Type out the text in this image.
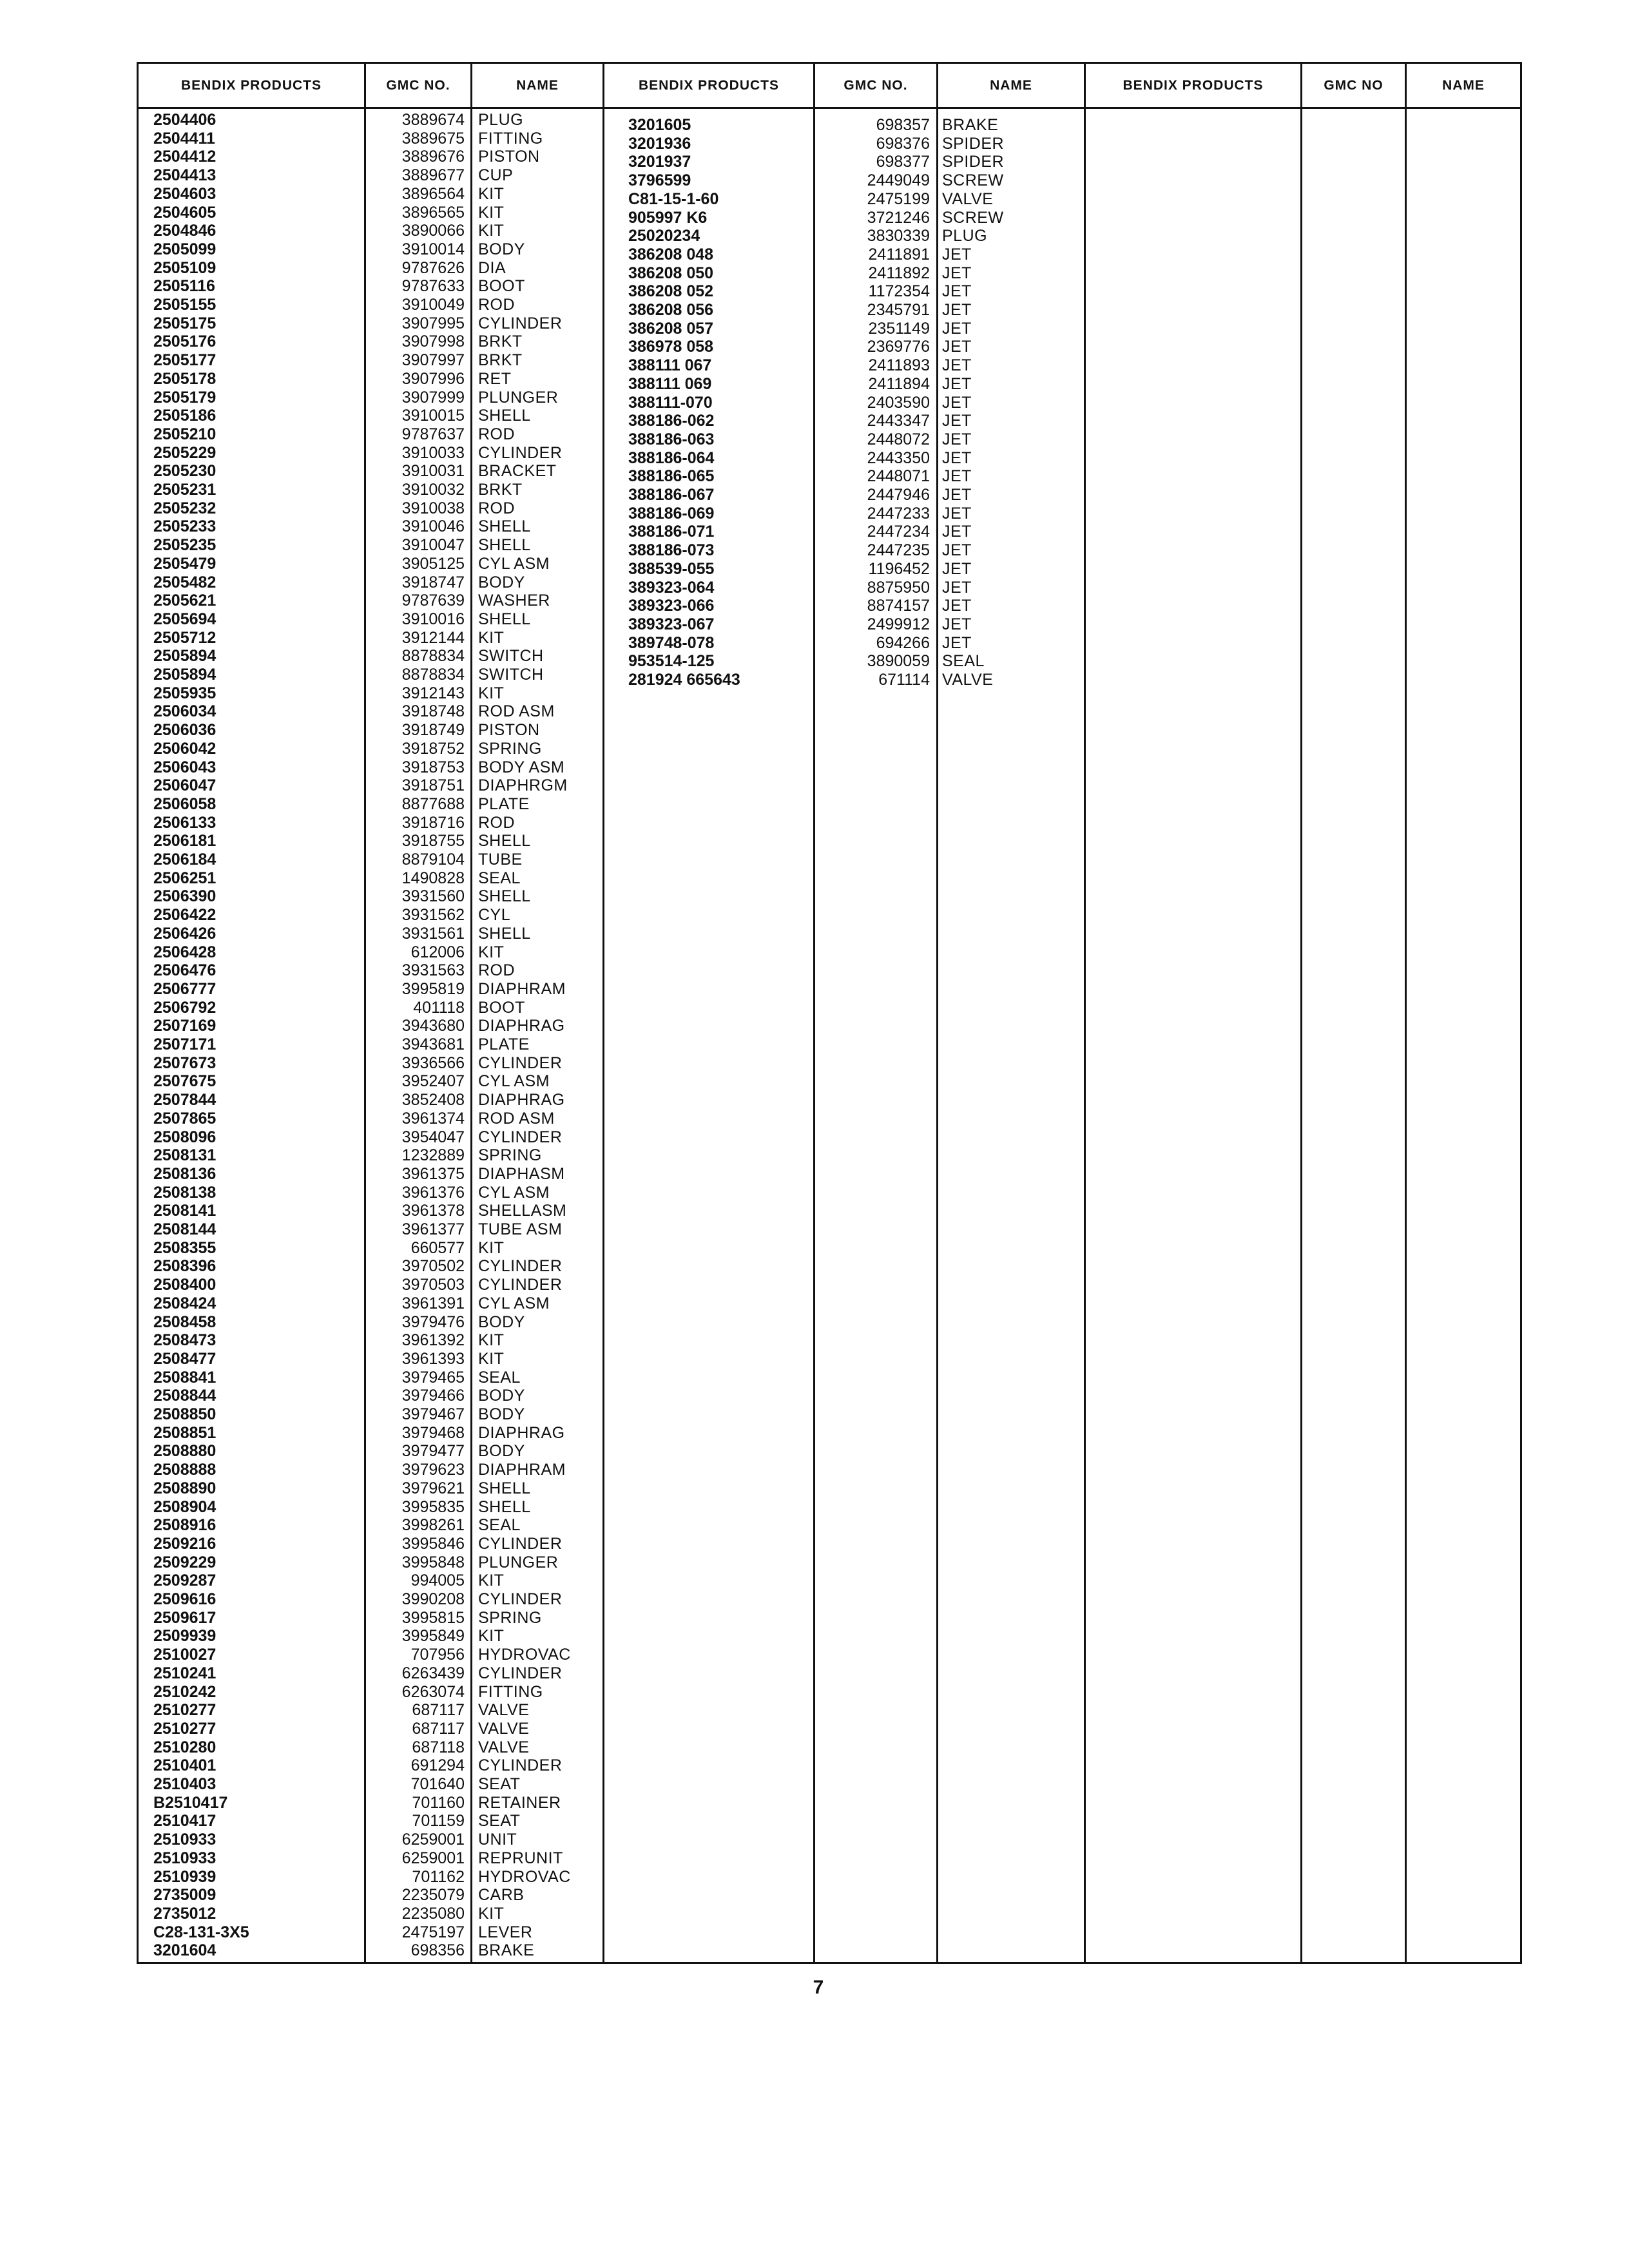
BENDIX PRODUCTS	GMC NO.	NAME	BENDIX PRODUCTS	GMC NO.	NAME	BENDIX PRODUCTS	GMC NO	NAME
2504406	3889674 PLUG
2504411	3889675 FITTING
2504412	3889676 PISTON
2504413	3889677 CUP
2504603	3896564 KIT
2504605	3896565 KIT
2504846	3890066 KIT
2505099	3910014 BODY
2505109	9787626 DIA
2505116	9787633 BOOT
2505155	3910049 ROD
2505175	3907995 CYLINDER
2505176	3907998 BRKT
2505177	3907997 BRKT
2505178	3907996 RET
2505179	3907999 PLUNGER
2505186	3910015 SHELL
2505210	9787637 ROD
2505229	3910033 CYLINDER
2505230	3910031 BRACKET
2505231	3910032 BRKT
2505232	3910038 ROD
2505233	3910046 SHELL
2505235	3910047 SHELL
2505479	3905125 CYL ASM
2505482	3918747 BODY
2505621	9787639 WASHER
2505694	3910016 SHELL
2505712	3912144 KIT
2505894	8878834 SWITCH
2505894	8878834 SWITCH
2505935	3912143 KIT
2506034	3918748 ROD ASM
2506036	3918749 PISTON
2506042	3918752 SPRING
2506043	3918753 BODY ASM
2506047	3918751 DIAPHRGM
2506058	8877688 PLATE
2506133	3918716 ROD
2506181	3918755 SHELL
2506184	8879104 TUBE
2506251	1490828 SEAL
2506390	3931560 SHELL
2506422	3931562 CYL
2506426	3931561 SHELL
2506428	612006 KIT
2506476	3931563 ROD
2506777	3995819 DIAPHRAM
2506792	401118 BOOT
2507169	3943680 DIAPHRAG
2507171	3943681 PLATE
2507673	3936566 CYLINDER
2507675	3952407 CYL ASM
2507844	3852408 DIAPHRAG
2507865	3961374 ROD ASM
2508096	3954047 CYLINDER
2508131	1232889 SPRING
2508136	3961375 DIAPHASM
2508138	3961376 CYL ASM
2508141	3961378 SHELLASM
2508144	3961377 TUBE ASM
2508355	660577 KIT
2508396	3970502 CYLINDER
2508400	3970503 CYLINDER
2508424	3961391 CYL ASM
2508458	3979476 BODY
2508473	3961392 KIT
2508477	3961393 KIT
2508841	3979465 SEAL
2508844	3979466 BODY
2508850	3979467 BODY
2508851	3979468 DIAPHRAG
2508880	3979477 BODY
2508888	3979623 DIAPHRAM
2508890	3979621 SHELL
2508904	3995835 SHELL
2508916	3998261 SEAL
2509216	3995846 CYLINDER
2509229	3995848 PLUNGER
2509287	994005 KIT
2509616	3990208 CYLINDER
2509617	3995815 SPRING
2509939	3995849 KIT
2510027	707956 HYDROVAC
2510241	6263439 CYLINDER
2510242	6263074 FITTING
2510277	687117 VALVE
2510277	687117 VALVE
2510280	687118 VALVE
2510401	691294 CYLINDER
2510403	701640 SEAT
B2510417	701160 RETAINER
2510417	701159 SEAT
2510933	6259001 UNIT
2510933	6259001 REPRUNIT
2510939	701162 HYDROVAC
2735009	2235079 CARB
2735012	2235080 KIT
C28-131-3X5	2475197 LEVER
3201604	698356 BRAKE
3201605	698357 BRAKE
3201936	698376 SPIDER
3201937	698377 SPIDER
3796599	2449049 SCREW
C81-15-1-60	2475199 VALVE
905997 K6	3721246 SCREW
25020234	3830339 PLUG
386208 048	2411891 JET
386208 050	2411892 JET
386208 052	1172354 JET
386208 056	2345791 JET
386208 057	2351149 JET
386978 058	2369776 JET
388111 067	2411893 JET
388111 069	2411894 JET
388111-070	2403590 JET
388186-062	2443347 JET
388186-063	2448072 JET
388186-064	2443350 JET
388186-065	2448071 JET
388186-067	2447946 JET
388186-069	2447233 JET
388186-071	2447234 JET
388186-073	2447235 JET
388539-055	1196452 JET
389323-064	8875950 JET
389323-066	8874157 JET
389323-067	2499912 JET
389748-078	694266 JET
953514-125	3890059 SEAL
281924 665643	671114 VALVE
7
